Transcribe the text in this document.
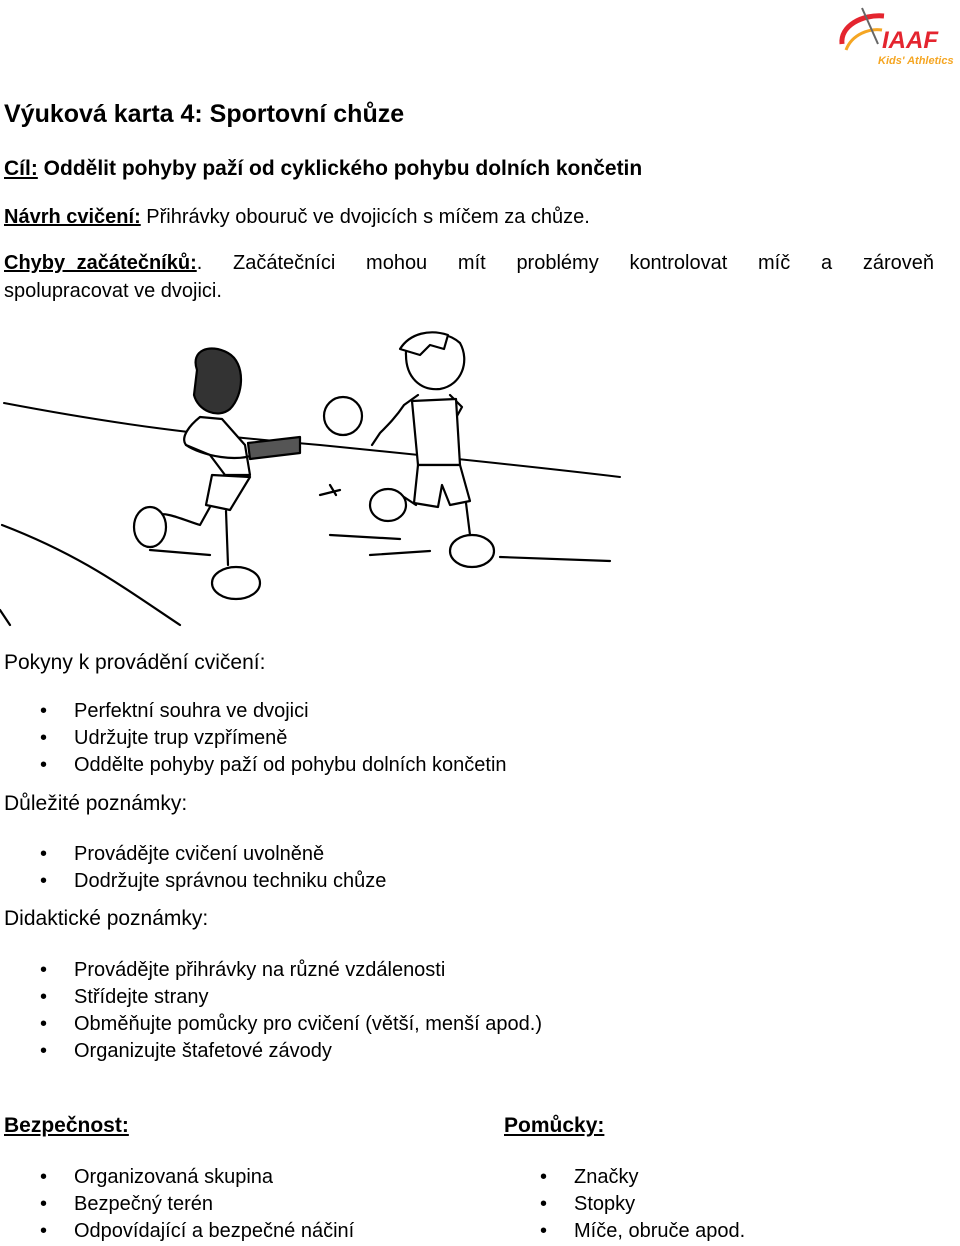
IAAF
Kids' Athletics
Výuková karta 4: Sportovní chůze
Cíl: Oddělit pohyby paží od cyklického pohybu dolních končetin
Návrh cvičení: Přihrávky obouruč ve dvojicích s míčem za chůze.
Chyby začátečníků:. Začátečníci mohou mít problémy kontrolovat míč a zároveň
spolupracovat ve dvojici.
Pokyny k provádění cvičení:
• Perfektní souhra ve dvojici
• Udržujte trup vzpřímeně
• Oddělte pohyby paží od pohybu dolních končetin
Důležité poznámky:
• Provádějte cvičení uvolněně
• Dodržujte správnou techniku chůze
Didaktické poznámky:
• Provádějte přihrávky na různé vzdálenosti
• Střídejte strany
• Obměňujte pomůcky pro cvičení (větší, menší apod.)
• Organizujte štafetové závody
Bezpečnost:
• Organizovaná skupina
• Bezpečný terén
• Odpovídající a bezpečné náčiní
Pomůcky:
• Značky
• Stopky
• Míče, obruče apod.
